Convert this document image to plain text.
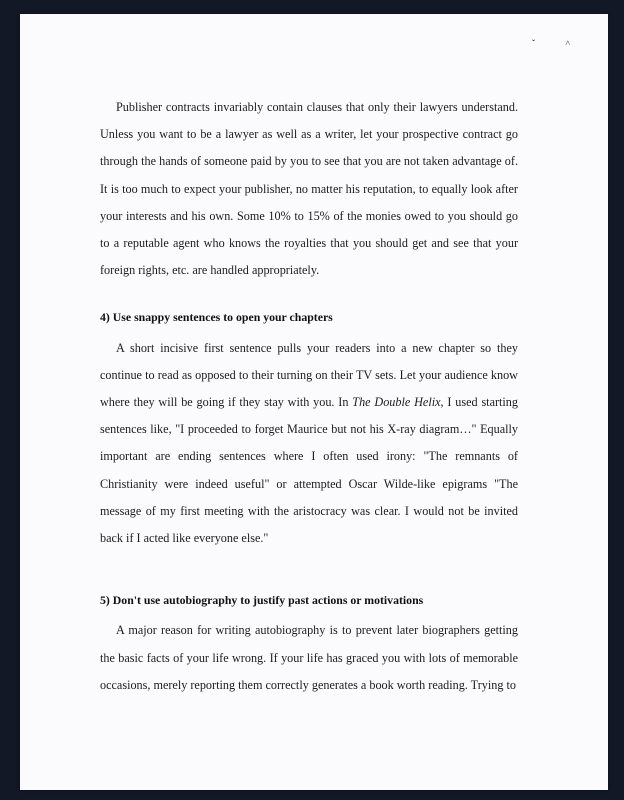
ˇ ˄

Publisher contracts invariably contain clauses that only their lawyers understand. Unless you want to be a lawyer as well as a writer, let your prospective contract go through the hands of someone paid by you to see that you are not taken advantage of. It is too much to expect your publisher, no matter his reputation, to equally look after your interests and his own. Some 10% to 15% of the monies owed to you should go to a reputable agent who knows the royalties that you should get and see that your foreign rights, etc. are handled appropriately.

4) Use snappy sentences to open your chapters

A short incisive first sentence pulls your readers into a new chapter so they continue to read as opposed to their turning on their TV sets. Let your audience know where they will be going if they stay with you. In The Double Helix, I used starting sentences like, "I proceeded to forget Maurice but not his X-ray diagram…" Equally important are ending sentences where I often used irony: "The remnants of Christianity were indeed useful" or attempted Oscar Wilde-like epigrams "The message of my first meeting with the aristocracy was clear. I would not be invited back if I acted like everyone else."

5) Don't use autobiography to justify past actions or motivations

A major reason for writing autobiography is to prevent later biographers getting the basic facts of your life wrong. If your life has graced you with lots of memorable occasions, merely reporting them correctly generates a book worth reading. Trying to
